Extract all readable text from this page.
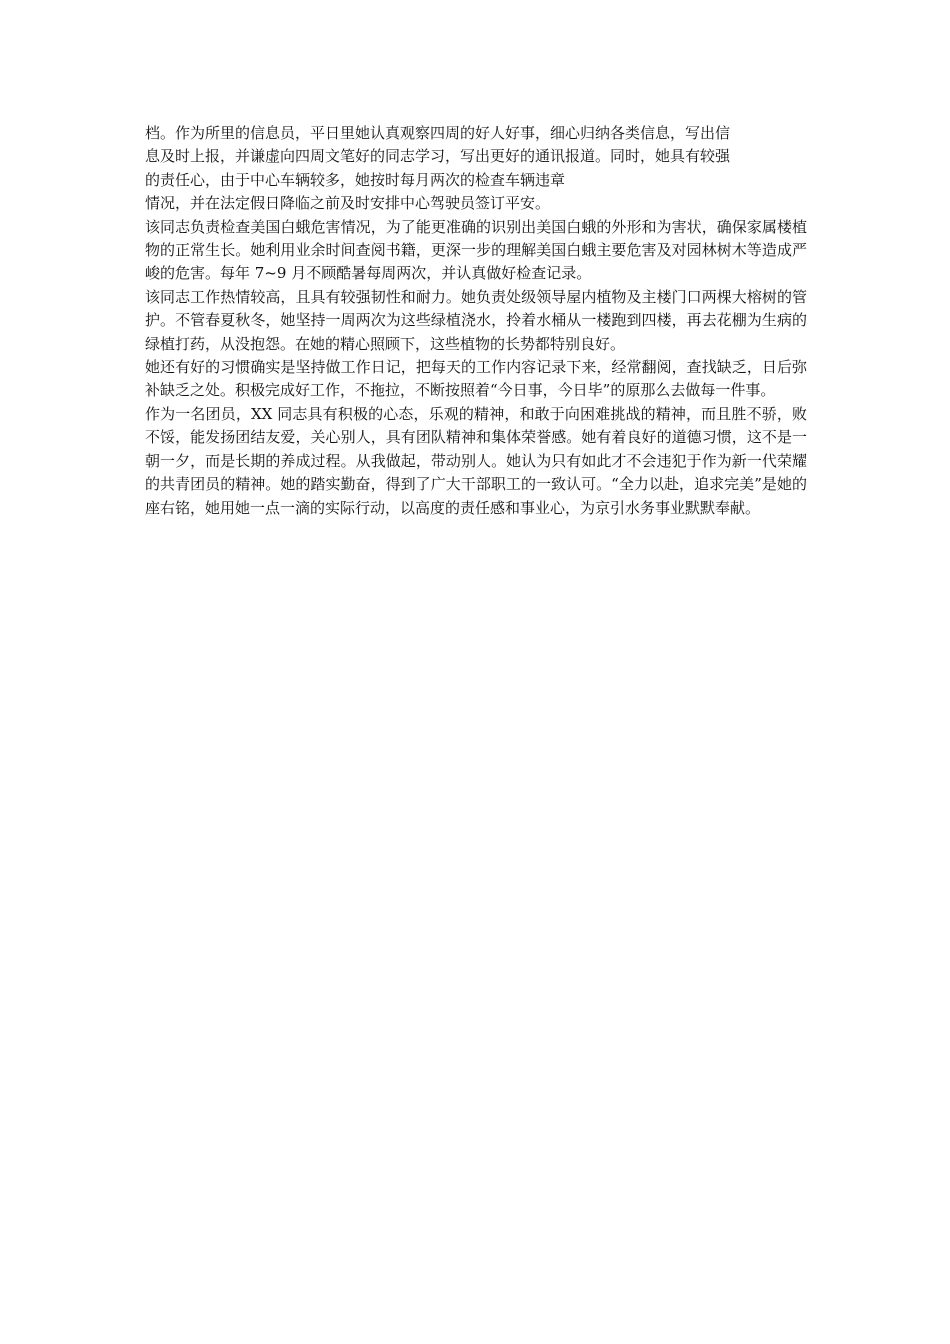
档。作为所里的信息员，平日里她认真观察四周的好人好事，细心归纳各类信息，写出信
息及时上报，并谦虚向四周文笔好的同志学习，写出更好的通讯报道。同时，她具有较强
的责任心，由于中心车辆较多，她按时每月两次的检查车辆违章
情况，并在法定假日降临之前及时安排中心驾驶员签订平安。

该同志负责检查美国白蛾危害情况，为了能更准确的识别出美国白蛾的外形和为害状，确保家属楼植物的正常生长。她利用业余时间查阅书籍，更深一步的理解美国白蛾主要危害及对园林树木等造成严峻的危害。每年 7~9 月不顾酷暑每周两次，并认真做好检查记录。

该同志工作热情较高，且具有较强韧性和耐力。她负责处级领导屋内植物及主楼门口两棵大榕树的管护。不管春夏秋冬，她坚持一周两次为这些绿植浇水，拎着水桶从一楼跑到四楼，再去花棚为生病的绿植打药，从没抱怨。在她的精心照顾下，这些植物的长势都特别良好。

她还有好的习惯确实是坚持做工作日记，把每天的工作内容记录下来，经常翻阅，查找缺乏，日后弥补缺乏之处。积极完成好工作，不拖拉，不断按照着“今日事，今日毕”的原那么去做每一件事。

作为一名团员，XX 同志具有积极的心态，乐观的精神，和敢于向困难挑战的精神，而且胜不骄，败不馁，能发扬团结友爱，关心别人，具有团队精神和集体荣誉感。她有着良好的道德习惯，这不是一朝一夕，而是长期的养成过程。从我做起，带动别人。她认为只有如此才不会违犯于作为新一代荣耀的共青团员的精神。她的踏实勤奋，得到了广大干部职工的一致认可。“全力以赴，追求完美”是她的座右铭，她用她一点一滴的实际行动，以高度的责任感和事业心，为京引水务事业默默奉献。
